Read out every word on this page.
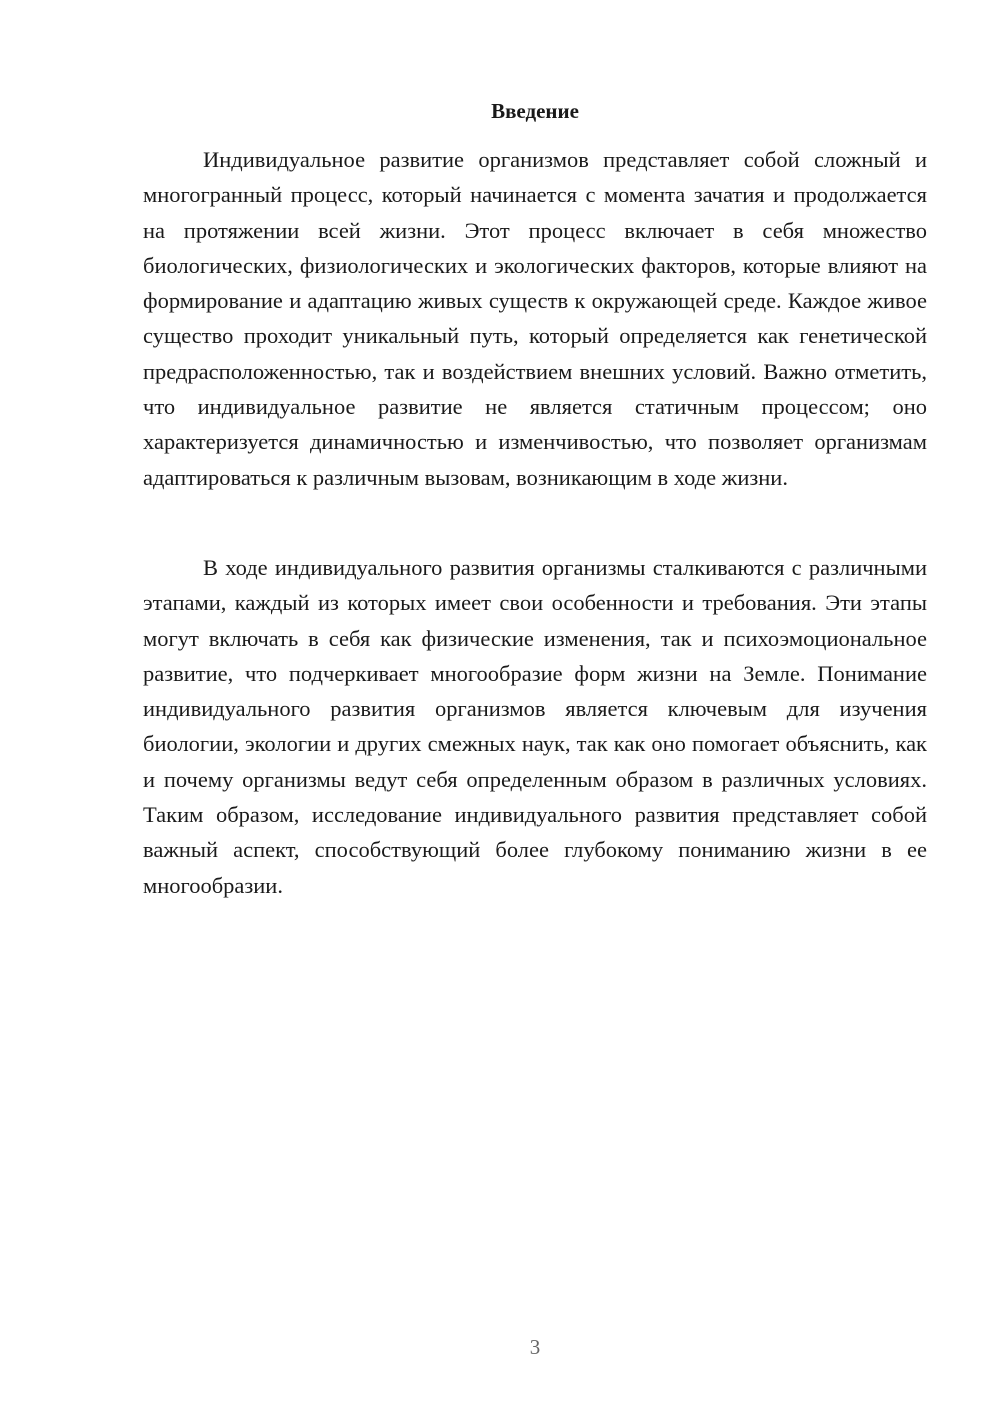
Введение

Индивидуальное развитие организмов представляет собой сложный и многогранный процесс, который начинается с момента зачатия и продолжается на протяжении всей жизни. Этот процесс включает в себя множество биологических, физиологических и экологических факторов, которые влияют на формирование и адаптацию живых существ к окружающей среде. Каждое живое существо проходит уникальный путь, который определяется как генетической предрасположенностью, так и воздействием внешних условий. Важно отметить, что индивидуальное развитие не является статичным процессом; оно характеризуется динамичностью и изменчивостью, что позволяет организмам адаптироваться к различным вызовам, возникающим в ходе жизни.

В ходе индивидуального развития организмы сталкиваются с различными этапами, каждый из которых имеет свои особенности и требования. Эти этапы могут включать в себя как физические изменения, так и психоэмоциональное развитие, что подчеркивает многообразие форм жизни на Земле. Понимание индивидуального развития организмов является ключевым для изучения биологии, экологии и других смежных наук, так как оно помогает объяснить, как и почему организмы ведут себя определенным образом в различных условиях. Таким образом, исследование индивидуального развития представляет собой важный аспект, способствующий более глубокому пониманию жизни в ее многообразии.

3
